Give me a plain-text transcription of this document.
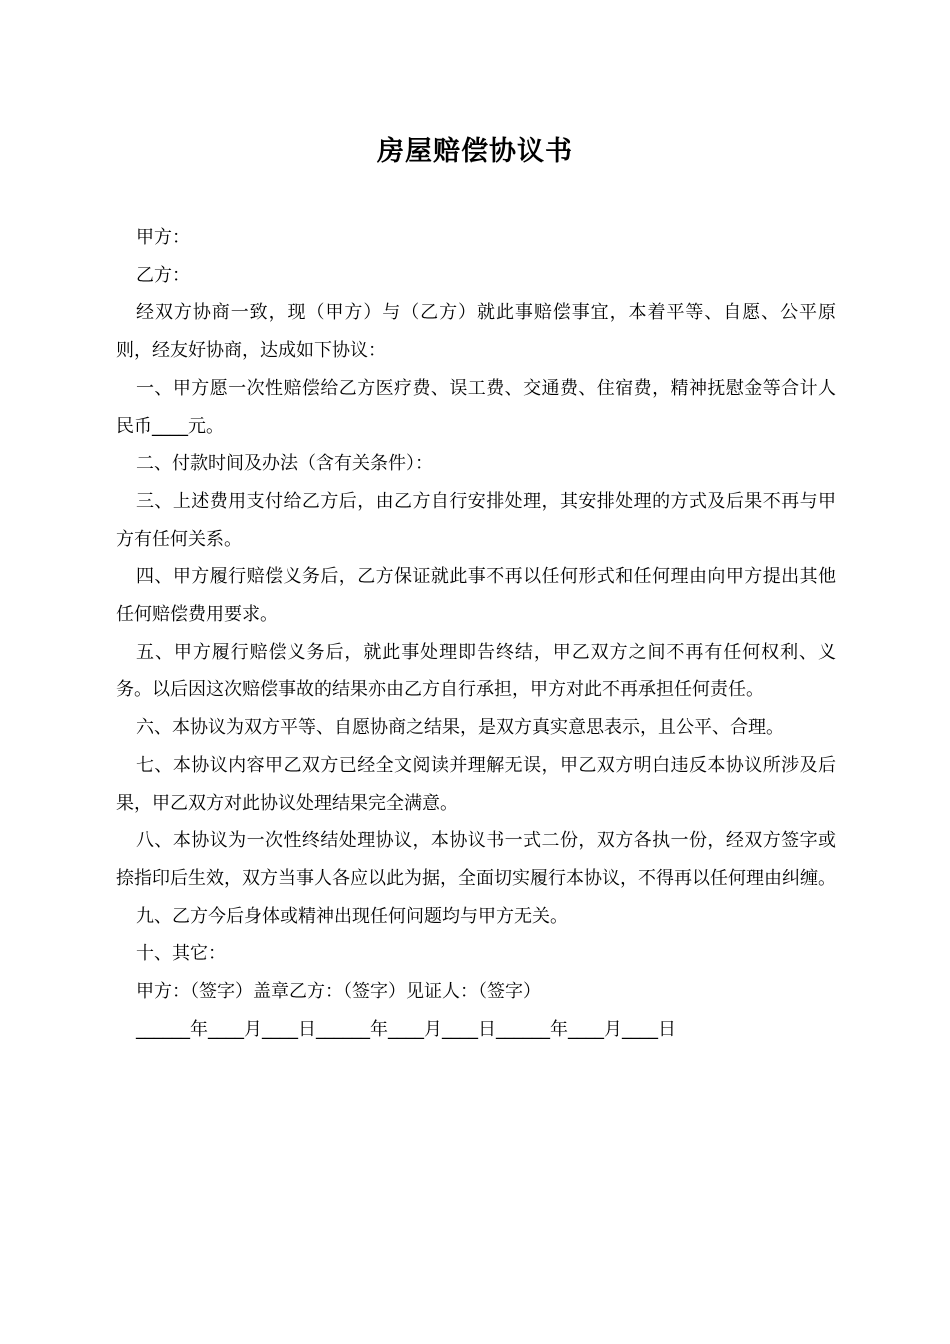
房屋赔偿协议书

甲方：

乙方：

经双方协商一致，现（甲方）与（乙方）就此事赔偿事宜，本着平等、自愿、公平原则，经友好协商，达成如下协议：

一、甲方愿一次性赔偿给乙方医疗费、误工费、交通费、住宿费，精神抚慰金等合计人民币____元。

二、付款时间及办法（含有关条件）：

三、上述费用支付给乙方后，由乙方自行安排处理，其安排处理的方式及后果不再与甲方有任何关系。

四、甲方履行赔偿义务后，乙方保证就此事不再以任何形式和任何理由向甲方提出其他任何赔偿费用要求。

五、甲方履行赔偿义务后，就此事处理即告终结，甲乙双方之间不再有任何权利、义务。以后因这次赔偿事故的结果亦由乙方自行承担，甲方对此不再承担任何责任。

六、本协议为双方平等、自愿协商之结果，是双方真实意思表示，且公平、合理。

七、本协议内容甲乙双方已经全文阅读并理解无误，甲乙双方明白违反本协议所涉及后果，甲乙双方对此协议处理结果完全满意。

八、本协议为一次性终结处理协议，本协议书一式二份，双方各执一份，经双方签字或捺指印后生效，双方当事人各应以此为据，全面切实履行本协议，不得再以任何理由纠缠。

九、乙方今后身体或精神出现任何问题均与甲方无关。

十、其它：

甲方：（签字）盖章乙方：（签字）见证人：（签字）

______年____月____日______年____月____日______年____月____日
